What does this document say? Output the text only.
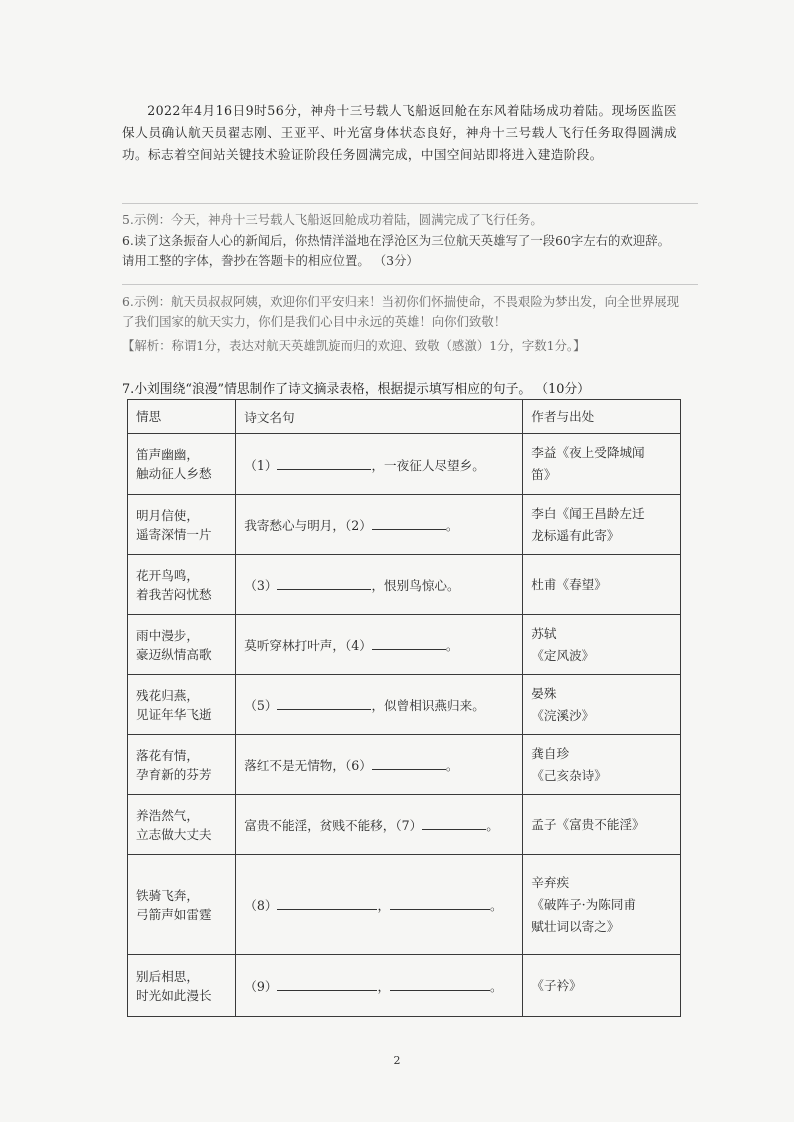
2022年4月16日9时56分，神舟十三号载人飞船返回舱在东风着陆场成功着陆。现场医监医保人员确认航天员翟志刚、王亚平、叶光富身体状态良好，神舟十三号载人飞行任务取得圆满成功。标志着空间站关键技术验证阶段任务圆满完成，中国空间站即将进入建造阶段。
5.示例：今天，神舟十三号载人飞船返回舱成功着陆，圆满完成了飞行任务。
6.读了这条振奋人心的新闻后，你热情洋溢地在浮沧区为三位航天英雄写了一段60字左右的欢迎辞。请用工整的字体，誊抄在答题卡的相应位置。 （3分）
6.示例：航天员叔叔阿姨，欢迎你们平安归来！当初你们怀揣使命，不畏艰险为梦出发，向全世界展现了我们国家的航天实力，你们是我们心目中永远的英雄！向你们致敬！
【解析：称谓1分，表达对航天英雄凯旋而归的欢迎、致敬（感激）1分，字数1分。】
7.小刘围绕“浪漫”情思制作了诗文摘录表格，根据提示填写相应的句子。 （10分）
情思	诗文名句	作者与出处
笛声幽幽，
触动征人乡愁	（1） ，一夜征人尽望乡。	李益《夜上受降城闻
笛》
明月信使，
遥寄深情一片	我寄愁心与明月，（2） 。	李白《闻王昌龄左迁
龙标遥有此寄》
花开鸟鸣，
着我苦闷忧愁	（3） ，恨别鸟惊心。	杜甫《春望》
雨中漫步，
豪迈纵情高歌	莫听穿林打叶声，（4） 。	苏轼
《定风波》
残花归燕，
见证年华飞逝	（5） ，似曾相识燕归来。	晏殊
《浣溪沙》
落花有情，
孕育新的芬芳	落红不是无情物，（6） 。	龚自珍
《己亥杂诗》
养浩然气，
立志做大丈夫	富贵不能淫，贫贱不能移，（7） 。	孟子《富贵不能淫》
铁骑飞奔，
弓箭声如雷霆	（8） ， 。	辛弃疾
《破阵子·为陈同甫
赋壮词以寄之》
别后相思，
时光如此漫长	（9） ， 。	《子衿》
2
